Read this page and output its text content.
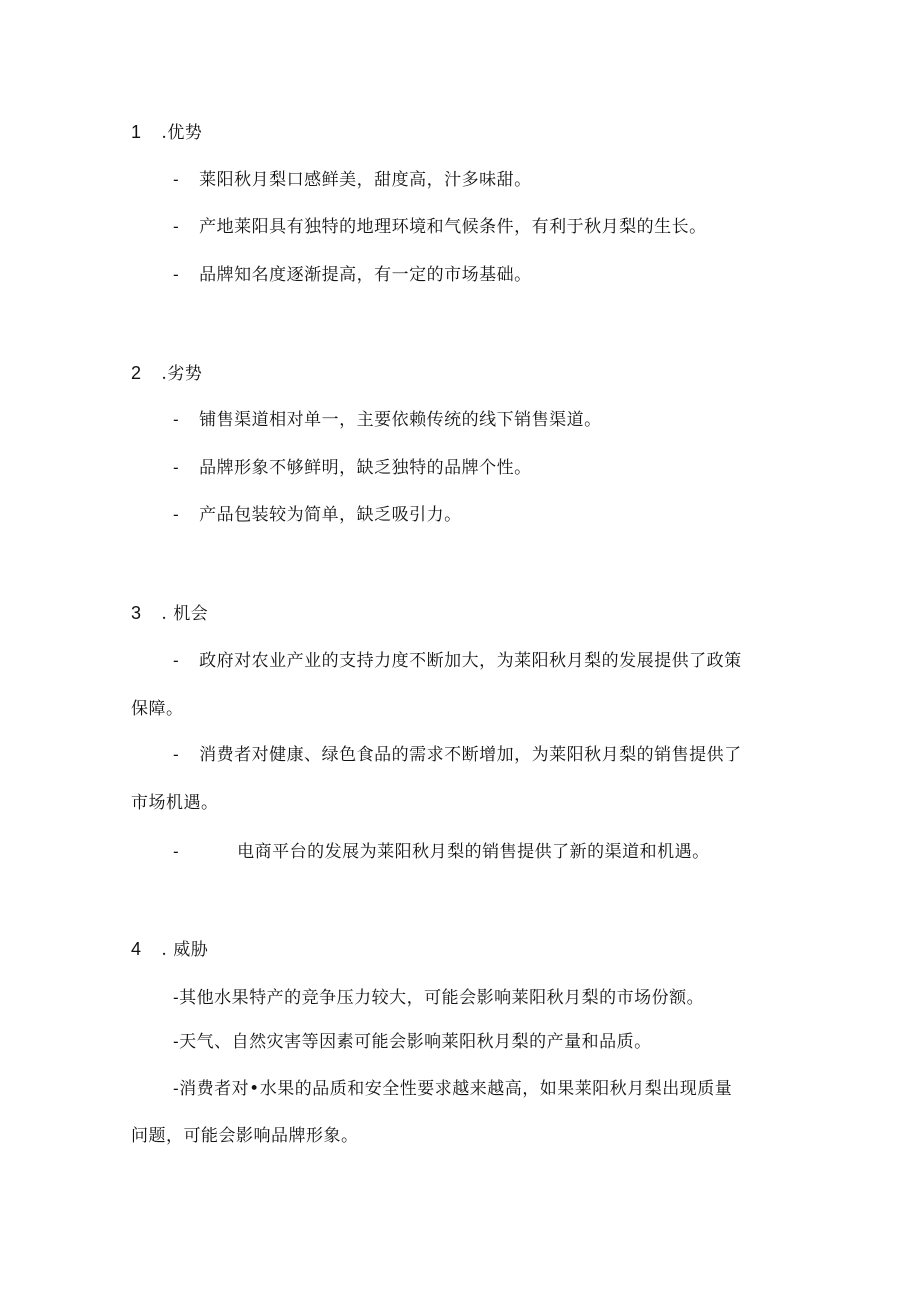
1 .优势
- 莱阳秋月梨口感鲜美，甜度高，汁多味甜。
- 产地莱阳具有独特的地理环境和气候条件，有利于秋月梨的生长。
- 品牌知名度逐渐提高，有一定的市场基础。
2 .劣势
- 铺售渠道相对单一，主要依赖传统的线下销售渠道。
- 品牌形象不够鲜明，缺乏独特的品牌个性。
- 产品包装较为简单，缺乏吸引力。
3 . 机会
- 政府对农业产业的支持力度不断加大，为莱阳秋月梨的发展提供了政策
保障。
- 消费者对健康、绿色食品的需求不断增加，为莱阳秋月梨的销售提供了
市场机遇。
-	电商平台的发展为莱阳秋月梨的销售提供了新的渠道和机遇。
4 . 威胁
-其他水果特产的竞争压力较大，可能会影响莱阳秋月梨的市场份额。
-天气、自然灾害等因素可能会影响莱阳秋月梨的产量和品质。
-消费者对•水果的品质和安全性要求越来越高，如果莱阳秋月梨出现质量
问题，可能会影响品牌形象。
